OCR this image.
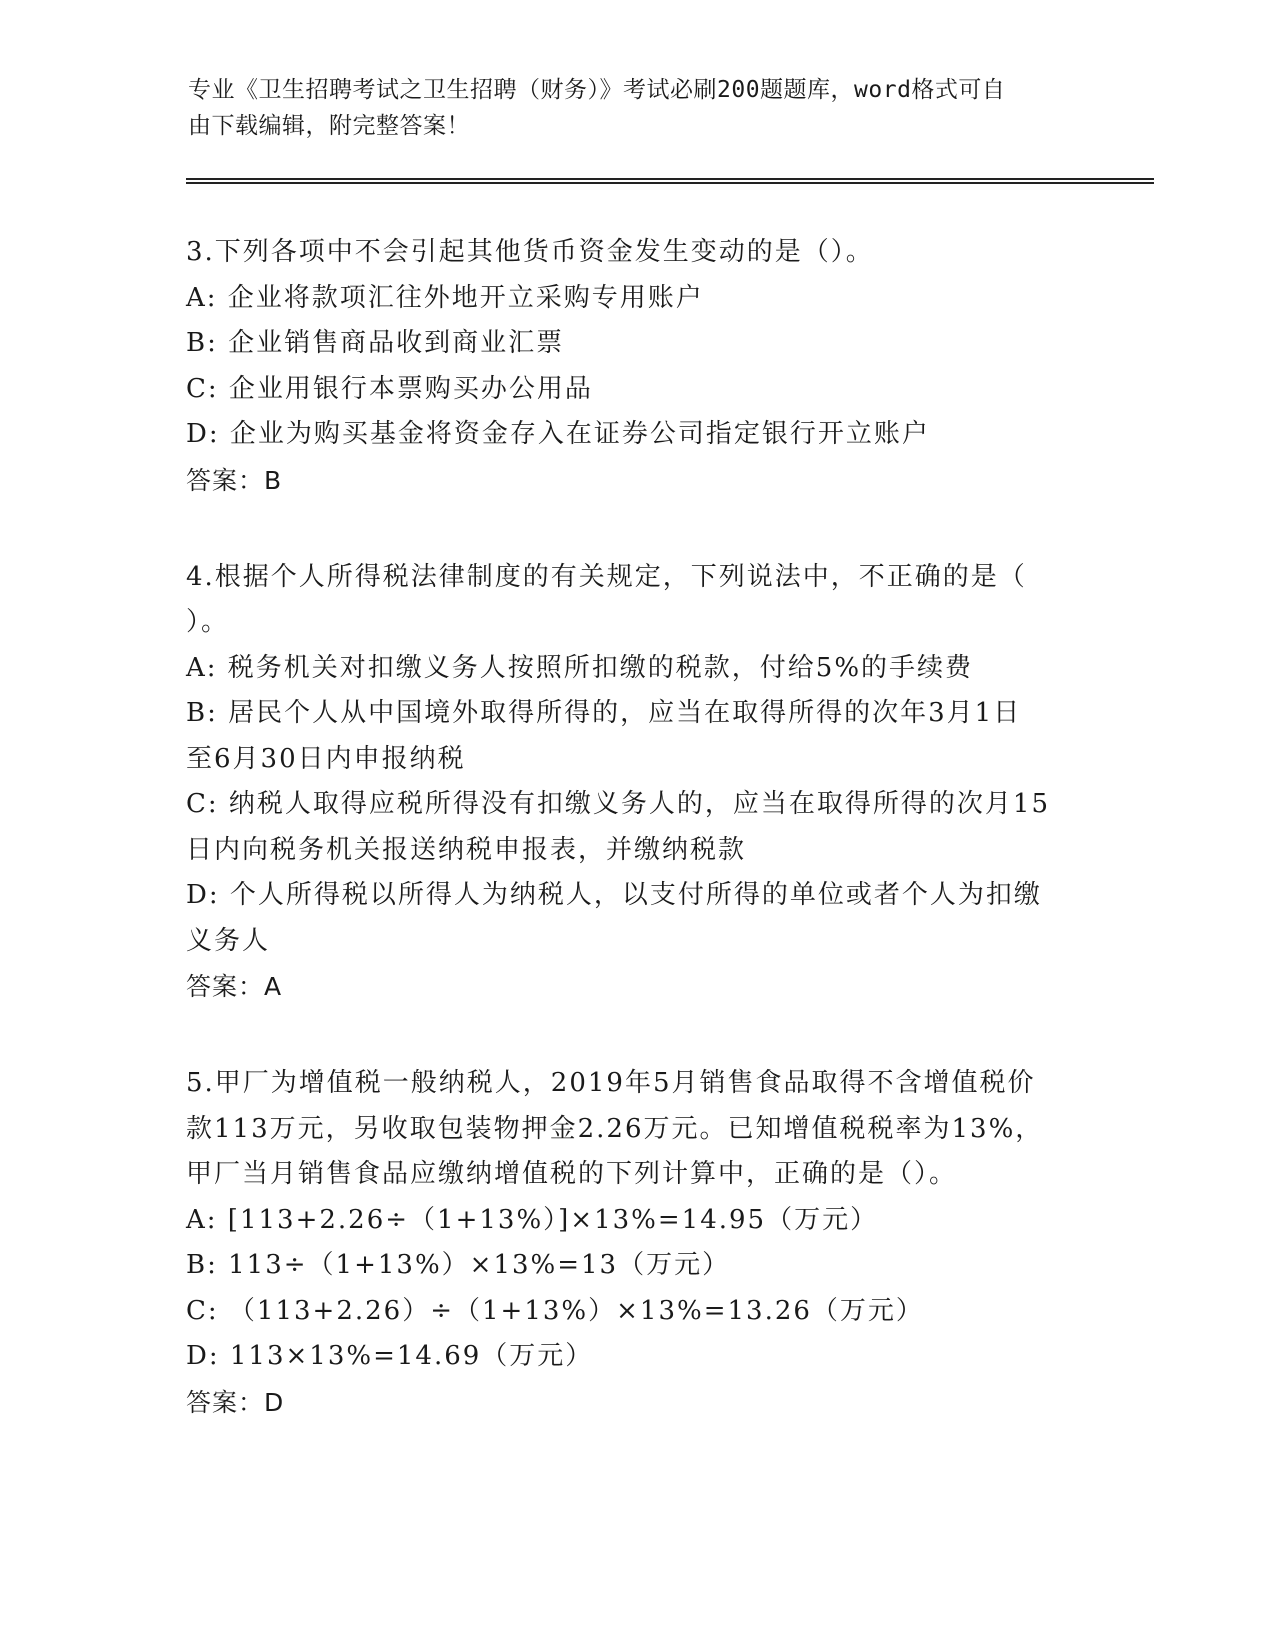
专业《卫生招聘考试之卫生招聘（财务）》考试必刷200题题库，word格式可自
由下载编辑，附完整答案！
3.下列各项中不会引起其他货币资金发生变动的是（）。
A: 企业将款项汇往外地开立采购专用账户
B: 企业销售商品收到商业汇票
C: 企业用银行本票购买办公用品
D: 企业为购买基金将资金存入在证券公司指定银行开立账户
答案：B
4.根据个人所得税法律制度的有关规定，下列说法中，不正确的是（
）。
A: 税务机关对扣缴义务人按照所扣缴的税款，付给5%的手续费
B: 居民个人从中国境外取得所得的，应当在取得所得的次年3月1日
至6月30日内申报纳税
C: 纳税人取得应税所得没有扣缴义务人的，应当在取得所得的次月15
日内向税务机关报送纳税申报表，并缴纳税款
D: 个人所得税以所得人为纳税人，以支付所得的单位或者个人为扣缴
义务人
答案：A
5.甲厂为增值税一般纳税人，2019年5月销售食品取得不含增值税价
款113万元，另收取包装物押金2.26万元。已知增值税税率为13%，
甲厂当月销售食品应缴纳增值税的下列计算中，正确的是（）。
A: [113+2.26÷（1+13%）]×13%=14.95（万元）
B: 113÷（1+13%）×13%=13（万元）
C: （113+2.26）÷（1+13%）×13%=13.26（万元）
D: 113×13%=14.69（万元）
答案：D
